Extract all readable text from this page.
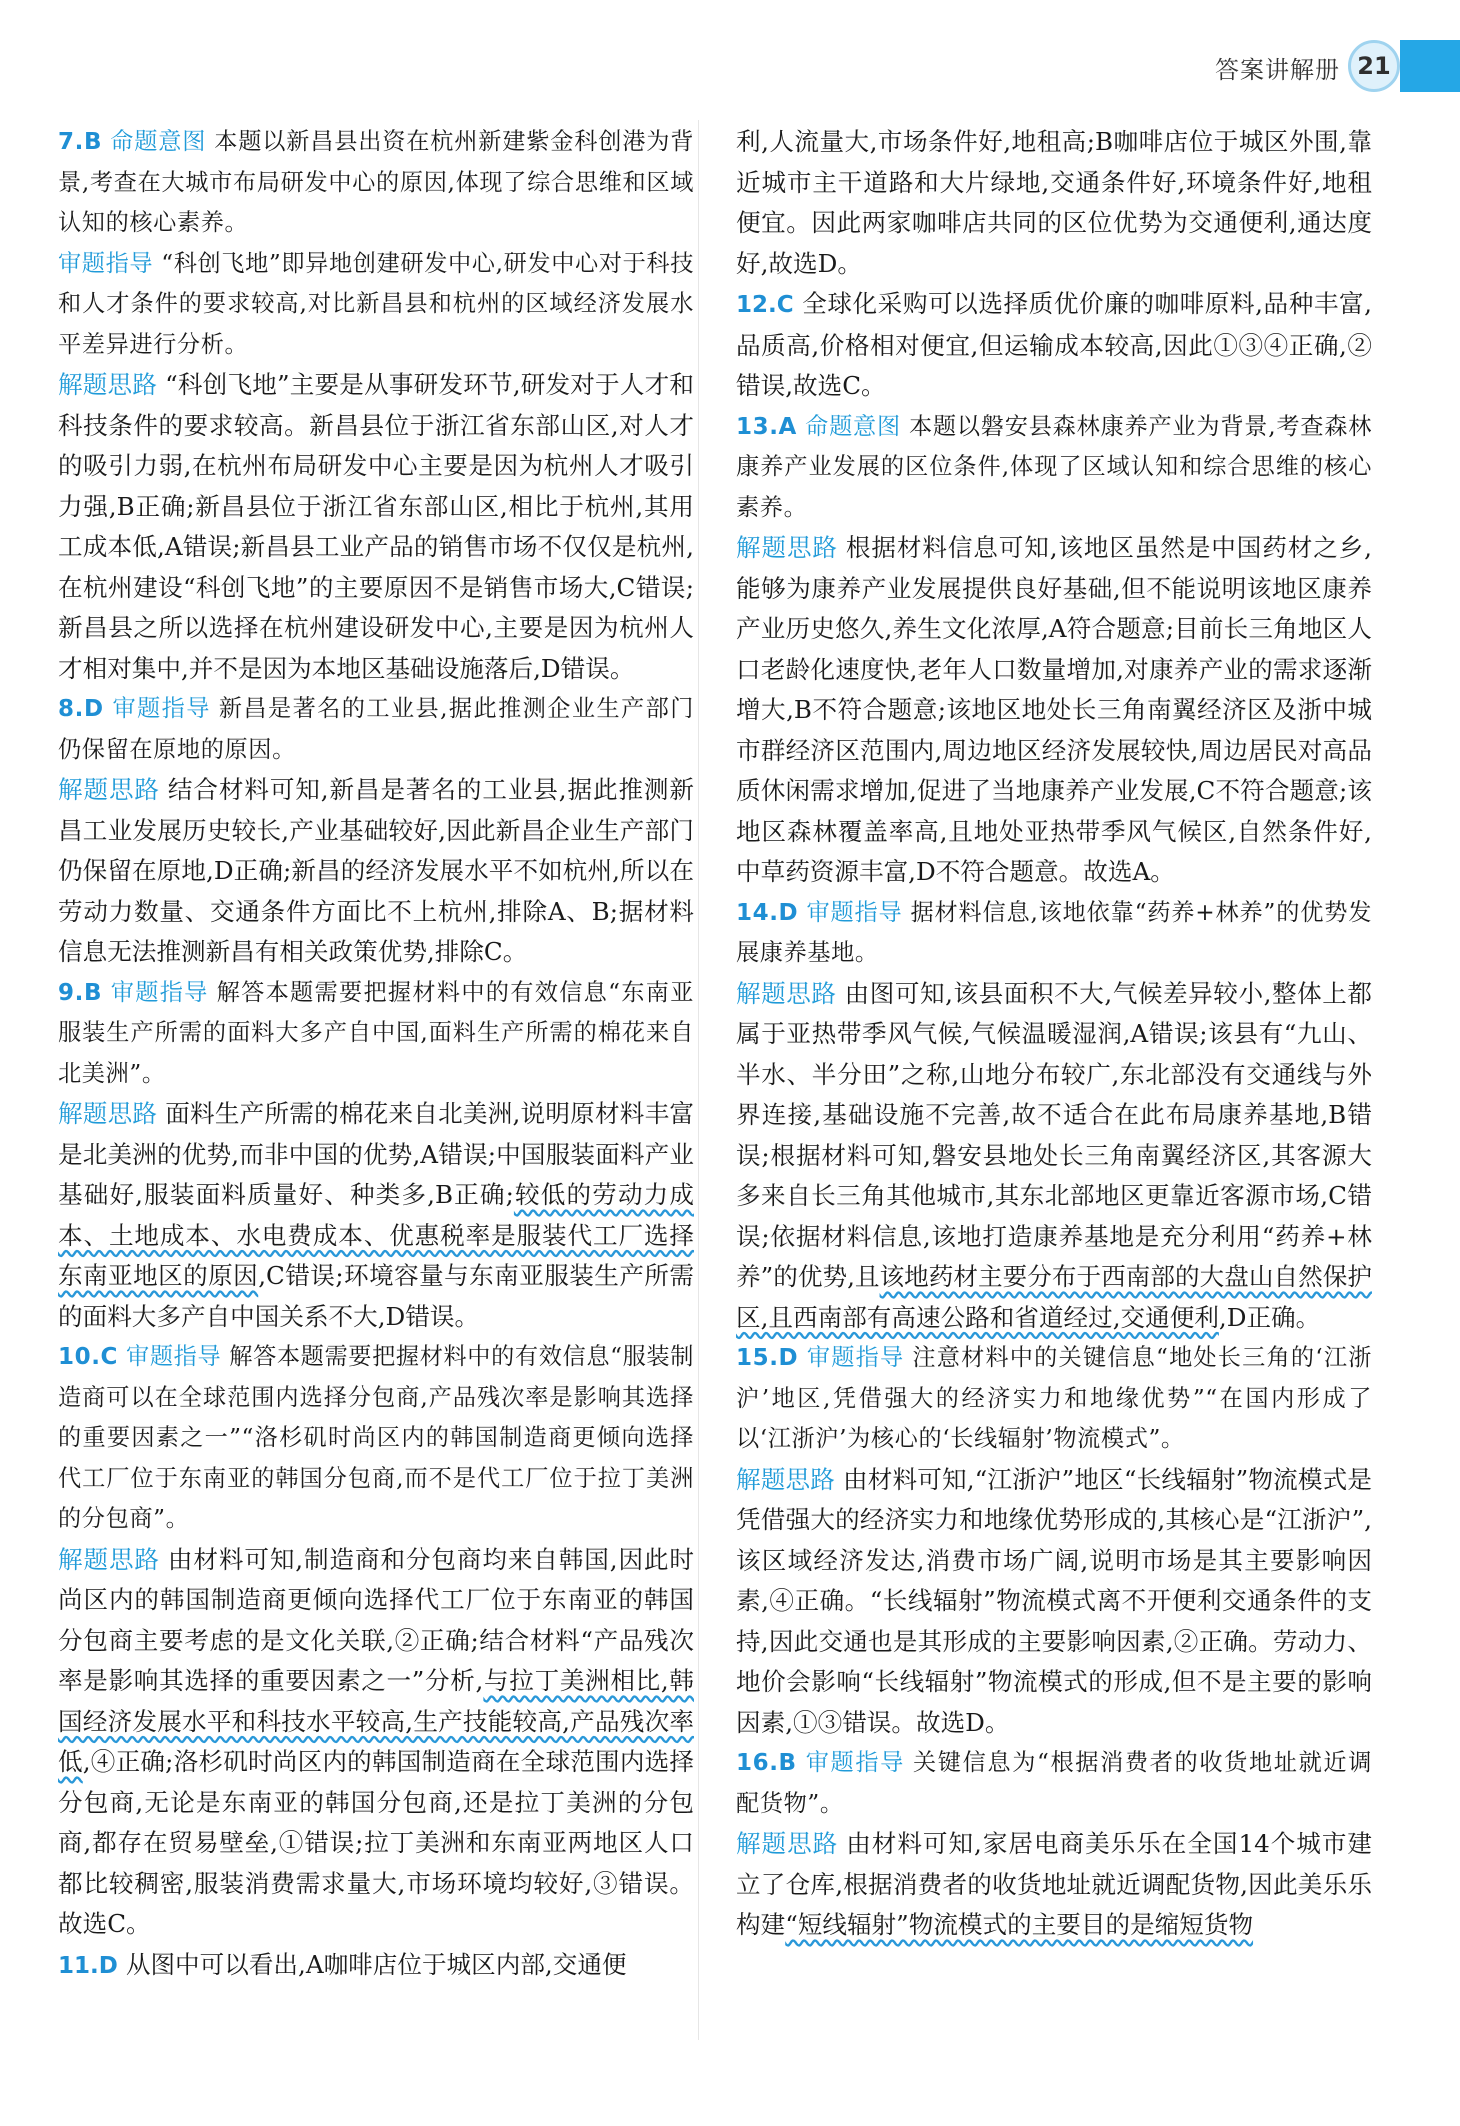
答案讲解册 21

7.B 命题意图 本题以新昌县出资在杭州新建紫金科创港为背景,考查在大城市布局研发中心的原因,体现了综合思维和区域认知的核心素养。

审题指导 “科创飞地”即异地创建研发中心,研发中心对于科技和人才条件的要求较高,对比新昌县和杭州的区域经济发展水平差异进行分析。

解题思路 “科创飞地”主要是从事研发环节,研发对于人才和科技条件的要求较高。新昌县位于浙江省东部山区,对人才的吸引力弱,在杭州布局研发中心主要是因为杭州人才吸引力强,B正确;新昌县位于浙江省东部山区,相比于杭州,其用工成本低,A错误;新昌县工业产品的销售市场不仅仅是杭州,在杭州建设“科创飞地”的主要原因不是销售市场大,C错误;新昌县之所以选择在杭州建设研发中心,主要是因为杭州人才相对集中,并不是因为本地区基础设施落后,D错误。

8.D 审题指导 新昌是著名的工业县,据此推测企业生产部门仍保留在原地的原因。

解题思路 结合材料可知,新昌是著名的工业县,据此推测新昌工业发展历史较长,产业基础较好,因此新昌企业生产部门仍保留在原地,D正确;新昌的经济发展水平不如杭州,所以在劳动力数量、交通条件方面比不上杭州,排除A、B;据材料信息无法推测新昌有相关政策优势,排除C。

9.B 审题指导 解答本题需要把握材料中的有效信息“东南亚服装生产所需的面料大多产自中国,面料生产所需的棉花来自北美洲”。

解题思路 面料生产所需的棉花来自北美洲,说明原材料丰富是北美洲的优势,而非中国的优势,A错误;中国服装面料产业基础好,服装面料质量好、种类多,B正确;较低的劳动力成本、土地成本、水电费成本、优惠税率是服装代工厂选择东南亚地区的原因,C错误;环境容量与东南亚服装生产所需的面料大多产自中国关系不大,D错误。

10.C 审题指导 解答本题需要把握材料中的有效信息“服装制造商可以在全球范围内选择分包商,产品残次率是影响其选择的重要因素之一”“洛杉矶时尚区内的韩国制造商更倾向选择代工厂位于东南亚的韩国分包商,而不是代工厂位于拉丁美洲的分包商”。

解题思路 由材料可知,制造商和分包商均来自韩国,因此时尚区内的韩国制造商更倾向选择代工厂位于东南亚的韩国分包商主要考虑的是文化关联,②正确;结合材料“产品残次率是影响其选择的重要因素之一”分析,与拉丁美洲相比,韩国经济发展水平和科技水平较高,生产技能较高,产品残次率低,④正确;洛杉矶时尚区内的韩国制造商在全球范围内选择分包商,无论是东南亚的韩国分包商,还是拉丁美洲的分包商,都存在贸易壁垒,①错误;拉丁美洲和东南亚两地区人口都比较稠密,服装消费需求量大,市场环境均较好,③错误。故选C。

11.D 从图中可以看出,A咖啡店位于城区内部,交通便

利,人流量大,市场条件好,地租高;B咖啡店位于城区外围,靠近城市主干道路和大片绿地,交通条件好,环境条件好,地租便宜。因此两家咖啡店共同的区位优势为交通便利,通达度好,故选D。

12.C 全球化采购可以选择质优价廉的咖啡原料,品种丰富,品质高,价格相对便宜,但运输成本较高,因此①③④正确,②错误,故选C。

13.A 命题意图 本题以磐安县森林康养产业为背景,考查森林康养产业发展的区位条件,体现了区域认知和综合思维的核心素养。

解题思路 根据材料信息可知,该地区虽然是中国药材之乡,能够为康养产业发展提供良好基础,但不能说明该地区康养产业历史悠久,养生文化浓厚,A符合题意;目前长三角地区人口老龄化速度快,老年人口数量增加,对康养产业的需求逐渐增大,B不符合题意;该地区地处长三角南翼经济区及浙中城市群经济区范围内,周边地区经济发展较快,周边居民对高品质休闲需求增加,促进了当地康养产业发展,C不符合题意;该地区森林覆盖率高,且地处亚热带季风气候区,自然条件好,中草药资源丰富,D不符合题意。故选A。

14.D 审题指导 据材料信息,该地依靠“药养+林养”的优势发展康养基地。

解题思路 由图可知,该县面积不大,气候差异较小,整体上都属于亚热带季风气候,气候温暖湿润,A错误;该县有“九山、半水、半分田”之称,山地分布较广,东北部没有交通线与外界连接,基础设施不完善,故不适合在此布局康养基地,B错误;根据材料可知,磐安县地处长三角南翼经济区,其客源大多来自长三角其他城市,其东北部地区更靠近客源市场,C错误;依据材料信息,该地打造康养基地是充分利用“药养+林养”的优势,且该地药材主要分布于西南部的大盘山自然保护区,且西南部有高速公路和省道经过,交通便利,D正确。

15.D 审题指导 注意材料中的关键信息“地处长三角的‘江浙沪’地区,凭借强大的经济实力和地缘优势”“在国内形成了以‘江浙沪’为核心的‘长线辐射’物流模式”。

解题思路 由材料可知,“江浙沪”地区“长线辐射”物流模式是凭借强大的经济实力和地缘优势形成的,其核心是“江浙沪”,该区域经济发达,消费市场广阔,说明市场是其主要影响因素,④正确。“长线辐射”物流模式离不开便利交通条件的支持,因此交通也是其形成的主要影响因素,②正确。劳动力、地价会影响“长线辐射”物流模式的形成,但不是主要的影响因素,①③错误。故选D。

16.B 审题指导 关键信息为“根据消费者的收货地址就近调配货物”。

解题思路 由材料可知,家居电商美乐乐在全国14个城市建立了仓库,根据消费者的收货地址就近调配货物,因此美乐乐构建“短线辐射”物流模式的主要目的是缩短货物
